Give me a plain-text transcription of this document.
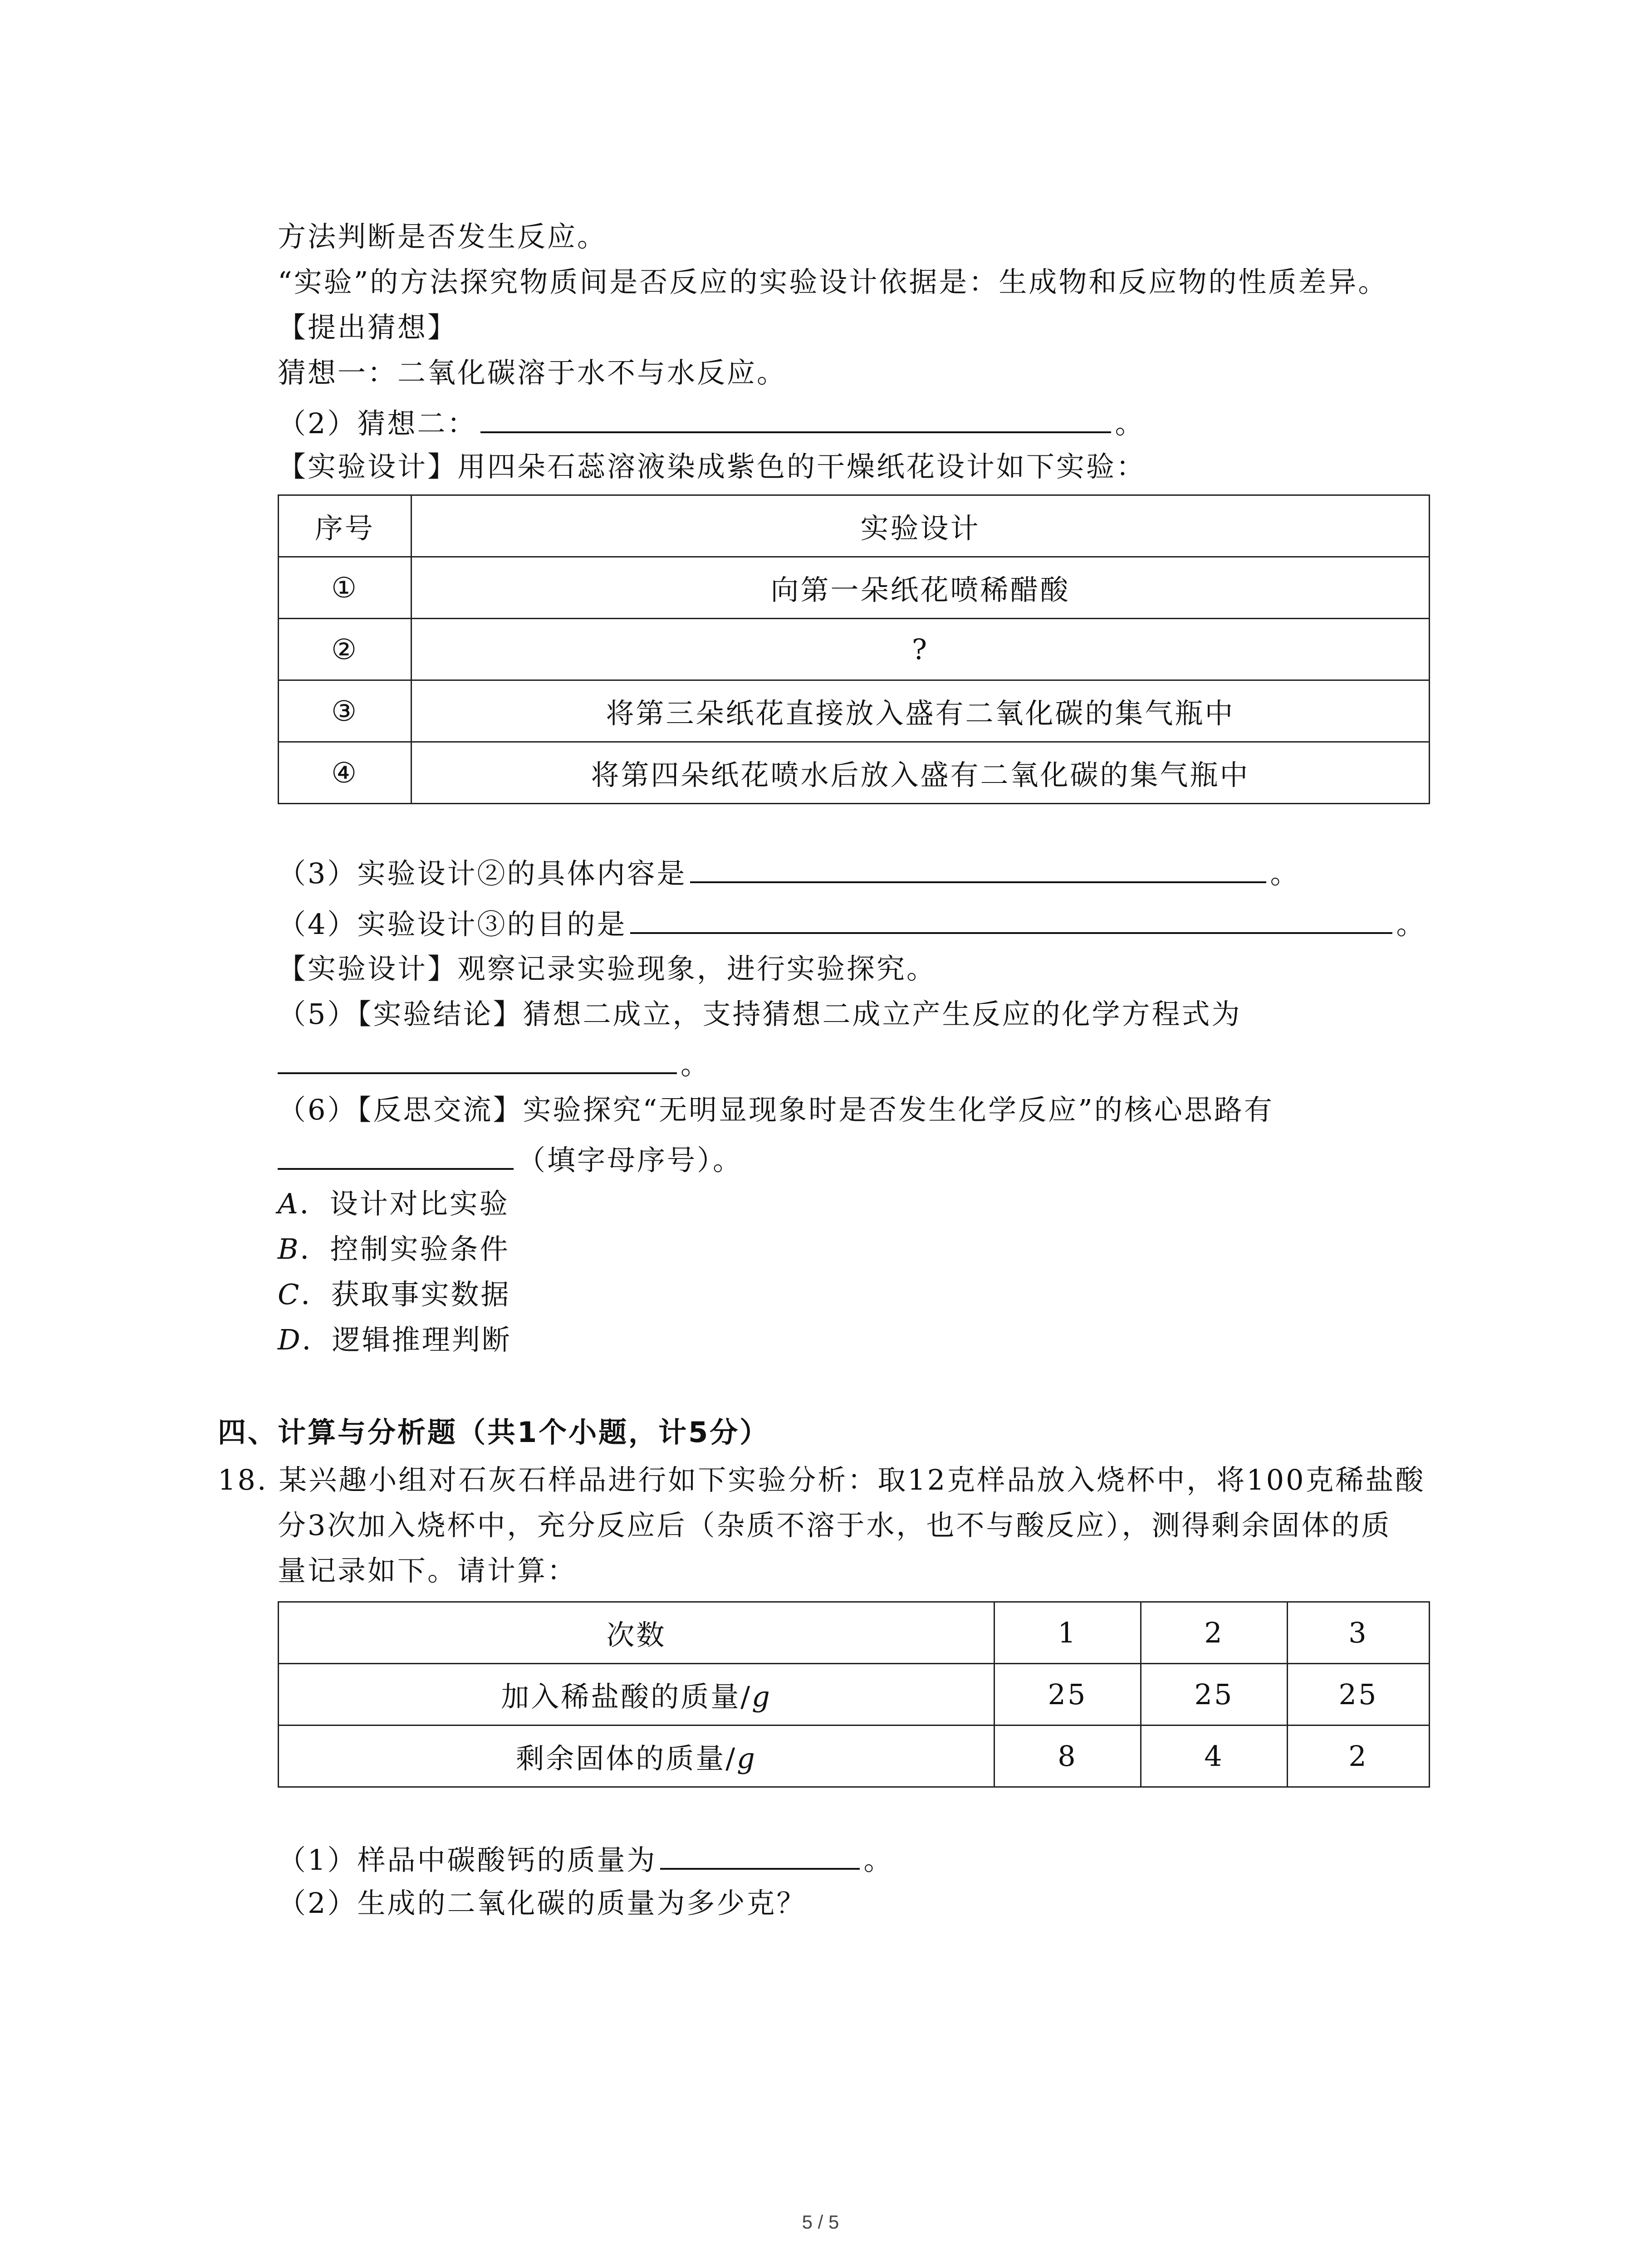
方法判断是否发生反应。
“实验”的方法探究物质间是否反应的实验设计依据是：生成物和反应物的性质差异。
【提出猜想】
猜想一：二氧化碳溶于水不与水反应。
（2）猜想二：	。
【实验设计】用四朵石蕊溶液染成紫色的干燥纸花设计如下实验：
序号	实验设计
①	向第一朵纸花喷稀醋酸
②	?
③	将第三朵纸花直接放入盛有二氧化碳的集气瓶中
④	将第四朵纸花喷水后放入盛有二氧化碳的集气瓶中
（3）实验设计②的具体内容是	。
（4）实验设计③的目的是	。
【实验设计】观察记录实验现象，进行实验探究。
（5）【实验结论】猜想二成立，支持猜想二成立产生反应的化学方程式为
。
（6）【反思交流】实验探究“无明显现象时是否发生化学反应”的核心思路有
（填字母序号）。
A．设计对比实验
B．控制实验条件
C．获取事实数据
D．逻辑推理判断
四、计算与分析题（共1个小题，计5分）
18. 某兴趣小组对石灰石样品进行如下实验分析：取12克样品放入烧杯中，将100克稀盐酸
分3次加入烧杯中，充分反应后（杂质不溶于水，也不与酸反应），测得剩余固体的质
量记录如下。请计算：
次数	1	2	3
加入稀盐酸的质量/g	25	25	25
剩余固体的质量/g	8	4	2
（1）样品中碳酸钙的质量为	。
（2）生成的二氧化碳的质量为多少克？
5 / 5
